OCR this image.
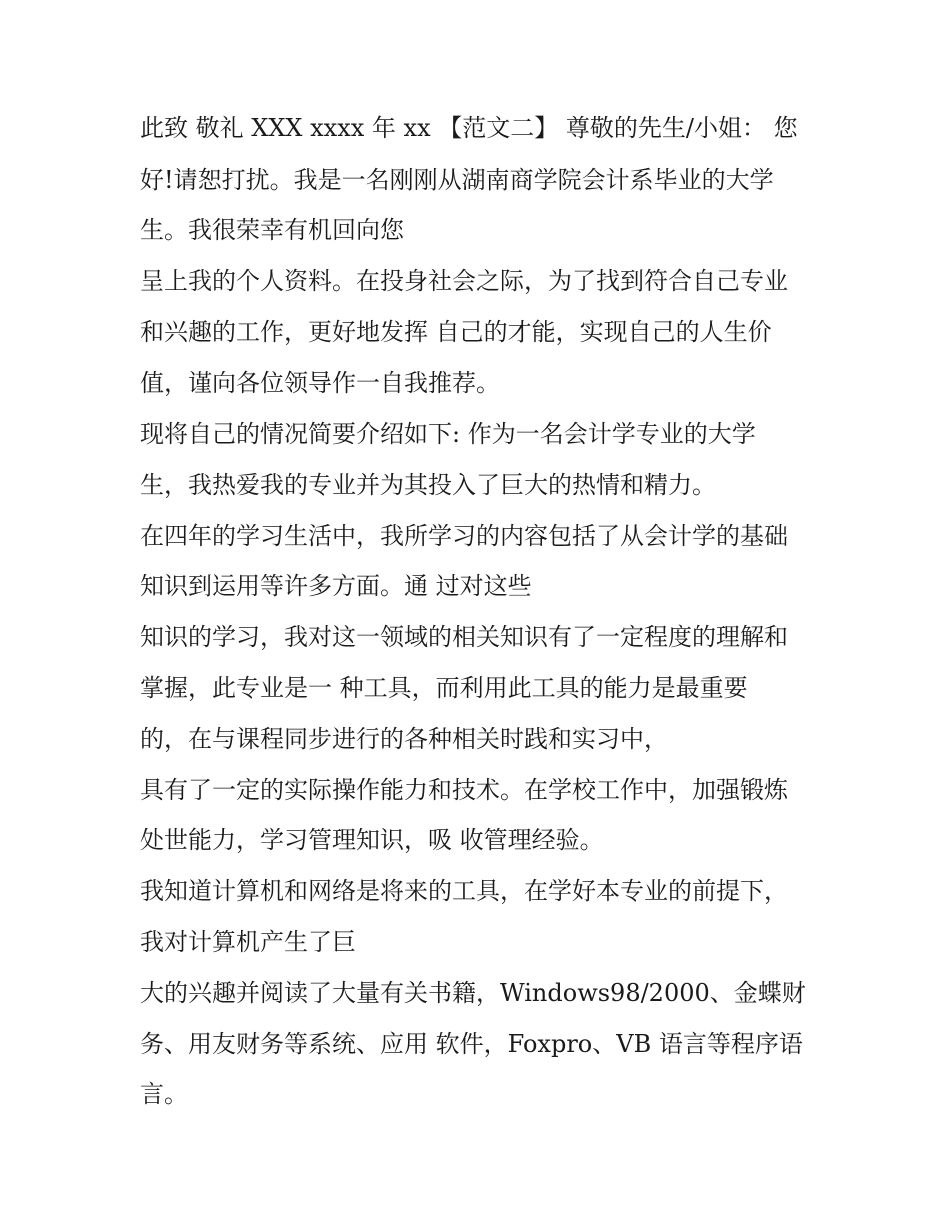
此致 敬礼 XXX xxxx 年 xx 【范文二】 尊敬的先生/小姐： 您
好!请恕打扰。我是一名刚刚从湖南商学院会计系毕业的大学
生。我很荣幸有机回向您
呈上我的个人资料。在投身社会之际，为了找到符合自己专业
和兴趣的工作，更好地发挥 自己的才能，实现自己的人生价
值，谨向各位领导作一自我推荐。
现将自己的情况简要介绍如下: 作为一名会计学专业的大学
生，我热爱我的专业并为其投入了巨大的热情和精力。
在四年的学习生活中，我所学习的内容包括了从会计学的基础
知识到运用等许多方面。通 过对这些
知识的学习，我对这一领域的相关知识有了一定程度的理解和
掌握，此专业是一 种工具，而利用此工具的能力是最重要
的，在与课程同步进行的各种相关时践和实习中，
具有了一定的实际操作能力和技术。在学校工作中，加强锻炼
处世能力，学习管理知识，吸 收管理经验。
我知道计算机和网络是将来的工具，在学好本专业的前提下，
我对计算机产生了巨
大的兴趣并阅读了大量有关书籍，Windows98/2000、金蝶财
务、用友财务等系统、应用 软件，Foxpro、VB 语言等程序语
言。
